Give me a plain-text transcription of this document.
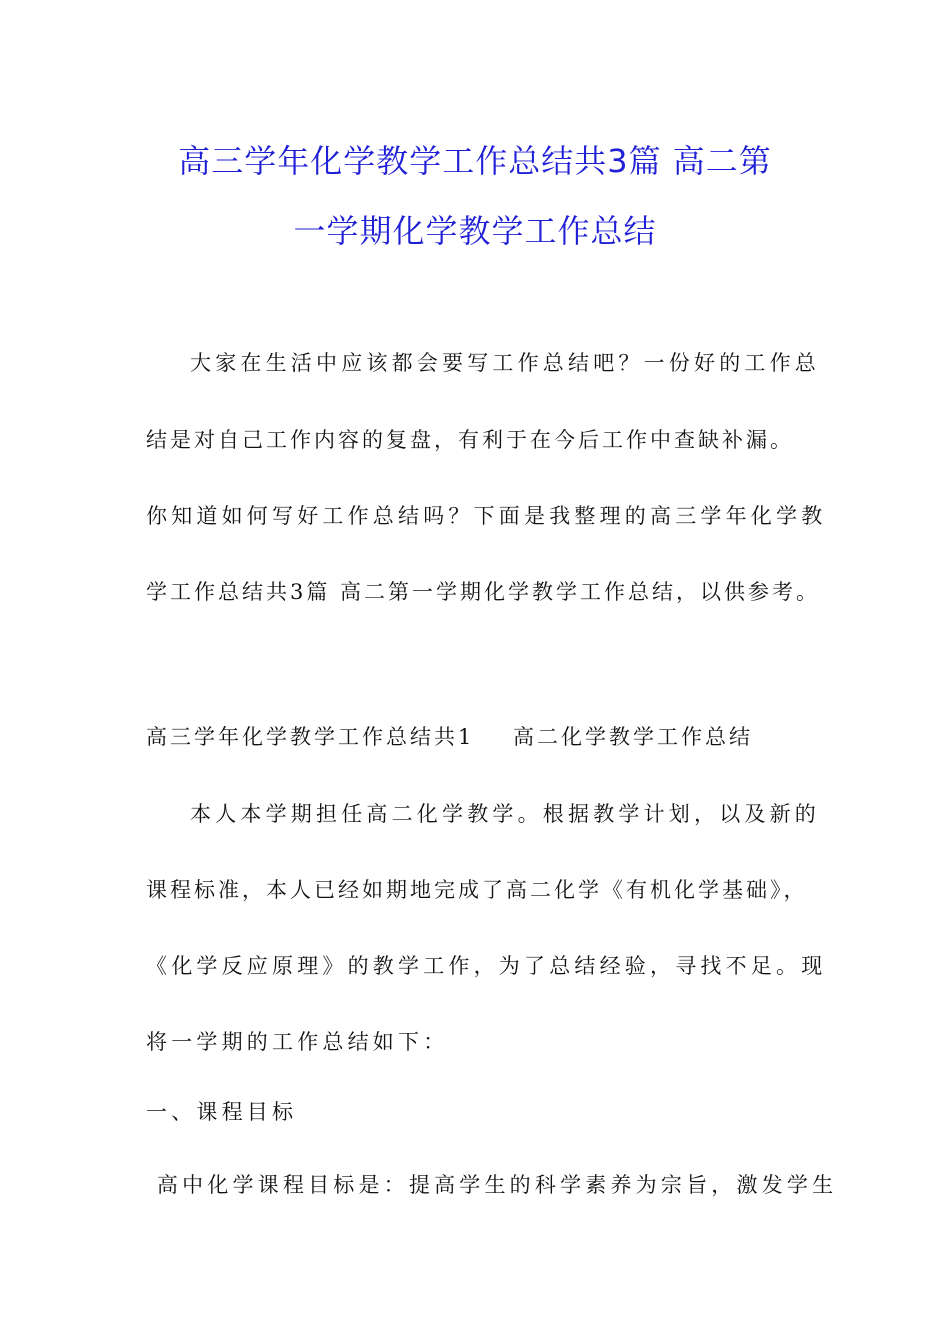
高三学年化学教学工作总结共3篇 高二第
一学期化学教学工作总结
大家在生活中应该都会要写工作总结吧？一份好的工作总
结是对自己工作内容的复盘，有利于在今后工作中查缺补漏。
你知道如何写好工作总结吗？下面是我整理的高三学年化学教
学工作总结共3篇 高二第一学期化学教学工作总结，以供参考。
高三学年化学教学工作总结共1    高二化学教学工作总结
本人本学期担任高二化学教学。根据教学计划，以及新的
课程标准，本人已经如期地完成了高二化学《有机化学基础》，
《化学反应原理》的教学工作，为了总结经验，寻找不足。现
将一学期的工作总结如下：
一、课程目标
高中化学课程目标是：提高学生的科学素养为宗旨，激发学生
